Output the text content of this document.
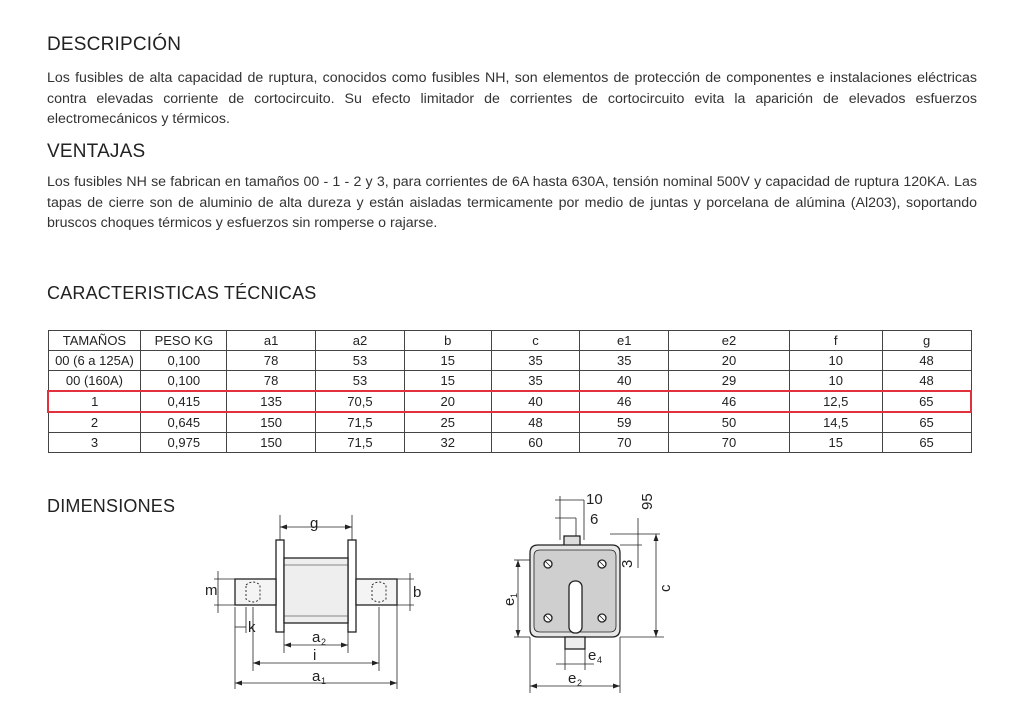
DESCRIPCIÓN
Los fusibles de alta capacidad de ruptura, conocidos como fusibles NH, son elementos de protección de componentes e instalaciones eléctricas contra elevadas corriente de cortocircuito. Su efecto limitador de corrientes de cortocircuito evita la aparición de elevados esfuerzos electromecánicos y térmicos.
VENTAJAS
Los fusibles NH se fabrican en tamaños 00 - 1 - 2 y 3, para corrientes de 6A hasta 630A, tensión nominal 500V y capacidad de ruptura 120KA. Las tapas de cierre son de aluminio de alta dureza y están aisladas termicamente por medio de juntas y porcelana de alúmina (Al203), soportando bruscos choques térmicos y esfuerzos sin romperse o rajarse.
CARACTERISTICAS TÉCNICAS
TAMAÑOS	PESO KG	a1	a2	b	c	e1	e2	f	g
00 (6 a 125A)	0,100	78	53	15	35	35	20	10	48
00 (160A)	0,100	78	53	15	35	40	29	10	48
1	0,415	135	70,5	20	40	46	46	12,5	65
2	0,645	150	71,5	25	48	59	50	14,5	65
3	0,975	150	71,5	32	60	70	70	15	65
DIMENSIONES
g
m	b
k
a 2
i
a 1
10
6
95
3
c
e
1
e 4
e 2
